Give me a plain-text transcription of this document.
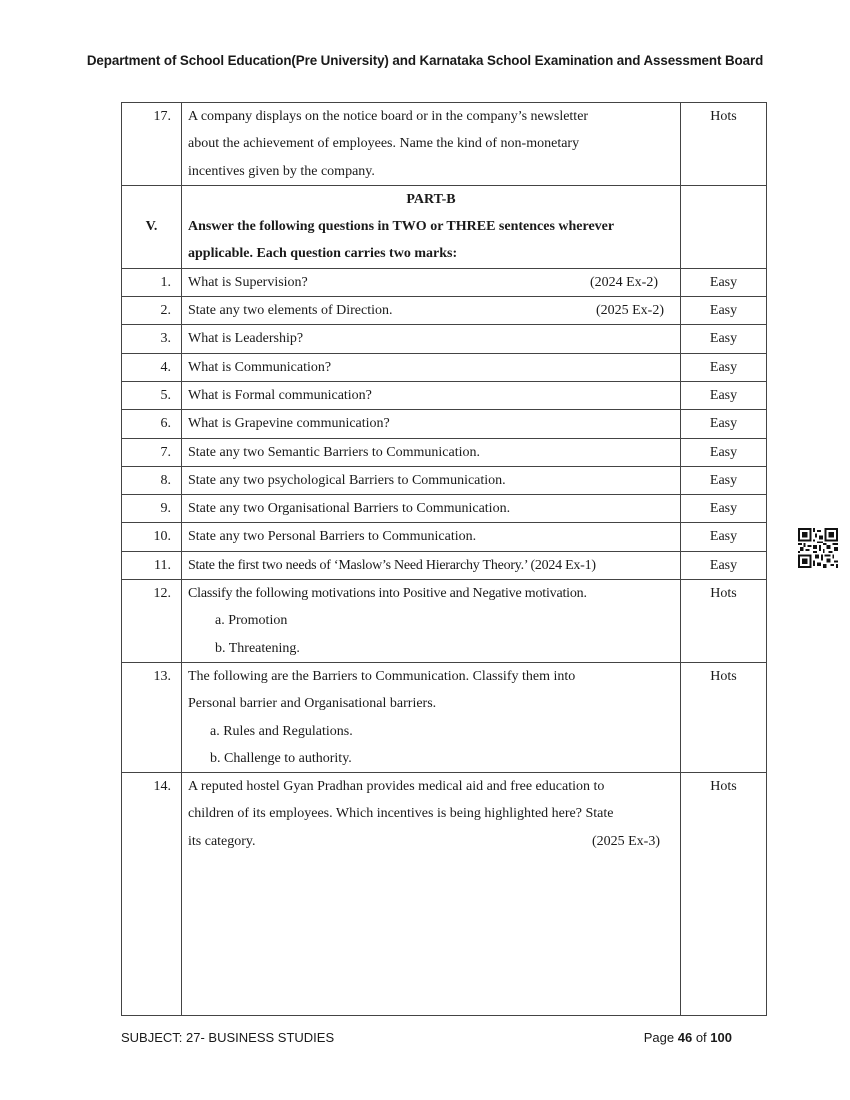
Department of School Education(Pre University) and Karnataka School Examination and Assessment Board
17.	A company displays on the notice board or in the company’s newsletter
about the achievement of employees. Name the kind of non-monetary
incentives given by the company.	Hots

V.	PART-B
Answer the following questions in TWO or THREE sentences wherever
applicable. Each question carries two marks:	

1.	What is Supervision? (2024 Ex-2)	Easy

2.	State any two elements of Direction. (2025 Ex-2)	Easy

3.	What is Leadership?	Easy

4.	What is Communication?	Easy

5.	What is Formal communication?	Easy

6.	What is Grapevine communication?	Easy

7.	State any two Semantic Barriers to Communication.	Easy

8.	State any two psychological Barriers to Communication.	Easy

9.	State any two Organisational Barriers to Communication.	Easy

10.	State any two Personal Barriers to Communication.	Easy

11.	State the first two needs of ‘Maslow’s Need Hierarchy Theory.’ (2024 Ex-1)	Easy

12.	Classify the following motivations into Positive and Negative motivation.
a. Promotion
b. Threatening.	Hots

13.	The following are the Barriers to Communication. Classify them into
Personal barrier and Organisational barriers.
a. Rules and Regulations.
b. Challenge to authority.	Hots

14.	A reputed hostel Gyan Pradhan provides medical aid and free education to
children of its employees. Which incentives is being highlighted here? State
its category. (2025 Ex-3)	Hots
SUBJECT: 27- BUSINESS STUDIES	Page 46 of 100
